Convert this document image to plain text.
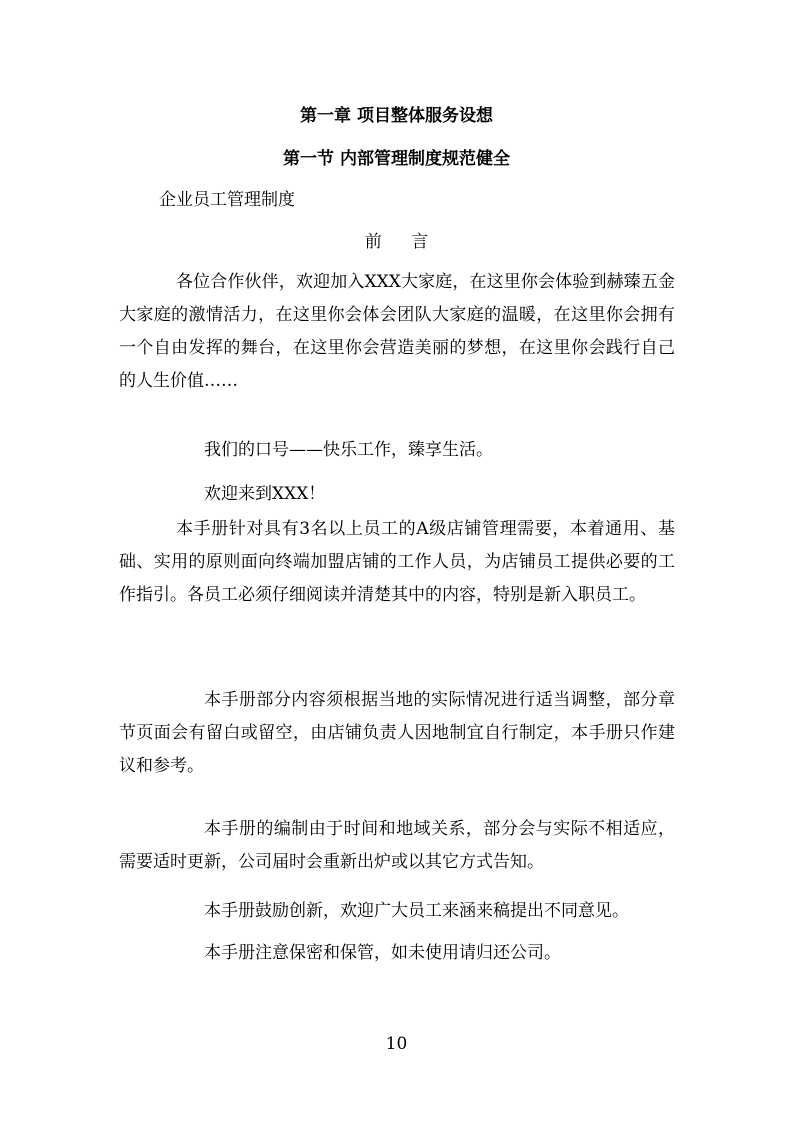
第一章 项目整体服务设想
第一节 内部管理制度规范健全

企业员工管理制度

前 言

各位合作伙伴，欢迎加入XXX大家庭，在这里你会体验到赫臻五金大家庭的激情活力，在这里你会体会团队大家庭的温暖，在这里你会拥有一个自由发挥的舞台，在这里你会营造美丽的梦想，在这里你会践行自己的人生价值……

我们的口号——快乐工作，臻享生活。

欢迎来到XXX！

本手册针对具有3名以上员工的A级店铺管理需要，本着通用、基础、实用的原则面向终端加盟店铺的工作人员，为店铺员工提供必要的工作指引。各员工必须仔细阅读并清楚其中的内容，特别是新入职员工。

本手册部分内容须根据当地的实际情况进行适当调整，部分章节页面会有留白或留空，由店铺负责人因地制宜自行制定，本手册只作建议和参考。

本手册的编制由于时间和地域关系，部分会与实际不相适应，需要适时更新，公司届时会重新出炉或以其它方式告知。

本手册鼓励创新，欢迎广大员工来涵来稿提出不同意见。

本手册注意保密和保管，如未使用请归还公司。

10
